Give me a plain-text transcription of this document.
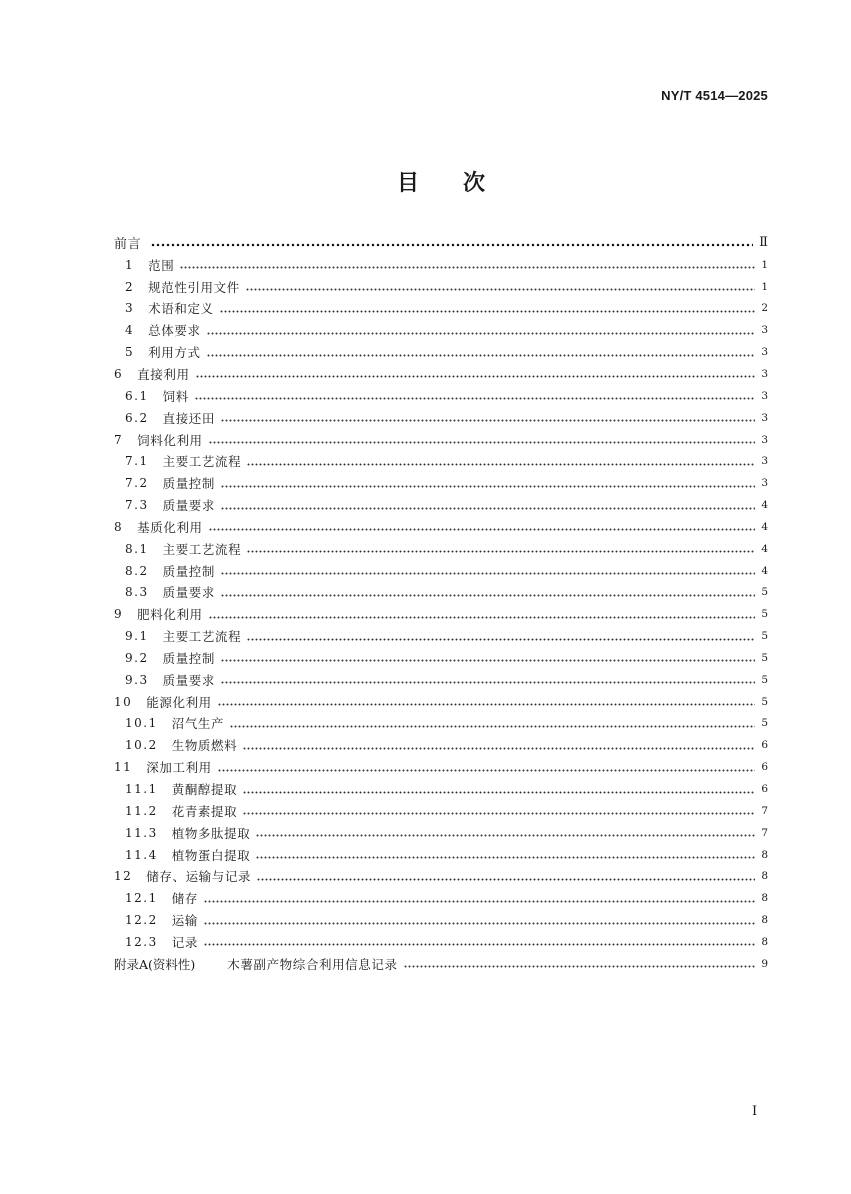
NY/T 4514—2025
目　　次
前言	Ⅱ
1 范围	1
2 规范性引用文件	1
3 术语和定义	2
4 总体要求	3
5 利用方式	3
6 直接利用	3
6.1 饲料	3
6.2 直接还田	3
7 饲料化利用	3
7.1 主要工艺流程	3
7.2 质量控制	3
7.3 质量要求	4
8 基质化利用	4
8.1 主要工艺流程	4
8.2 质量控制	4
8.3 质量要求	5
9 肥料化利用	5
9.1 主要工艺流程	5
9.2 质量控制	5
9.3 质量要求	5
10 能源化利用	5
10.1 沼气生产	5
10.2 生物质燃料	6
11 深加工利用	6
11.1 黄酮醇提取	6
11.2 花青素提取	7
11.3 植物多肽提取	7
11.4 植物蛋白提取	8
12 储存、运输与记录	8
12.1 储存	8
12.2 运输	8
12.3 记录	8
附录A(资料性)	木薯副产物综合利用信息记录	9
Ⅰ
